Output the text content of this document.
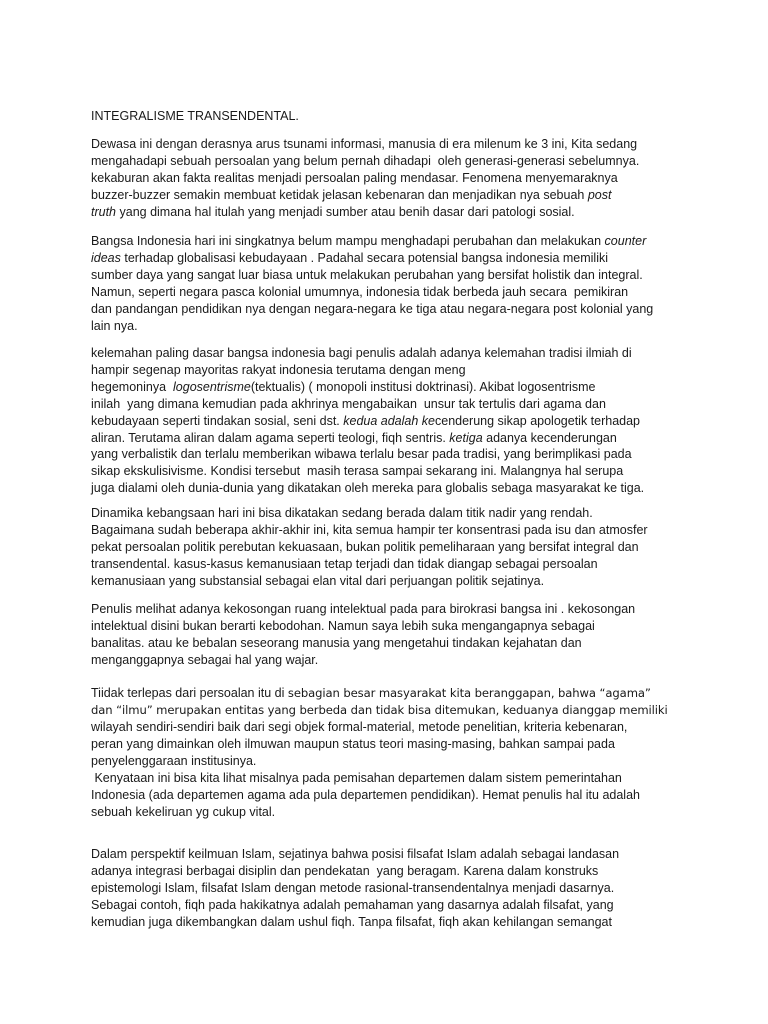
INTEGRALISME TRANSENDENTAL.
Dewasa ini dengan derasnya arus tsunami informasi, manusia di era milenum ke 3 ini, Kita sedang
mengahadapi sebuah persoalan yang belum pernah dihadapi  oleh generasi-generasi sebelumnya.
kekaburan akan fakta realitas menjadi persoalan paling mendasar. Fenomena menyemaraknya
buzzer-buzzer semakin membuat ketidak jelasan kebenaran dan menjadikan nya sebuah post
truth yang dimana hal itulah yang menjadi sumber atau benih dasar dari patologi sosial.
Bangsa Indonesia hari ini singkatnya belum mampu menghadapi perubahan dan melakukan counter
ideas terhadap globalisasi kebudayaan . Padahal secara potensial bangsa indonesia memiliki
sumber daya yang sangat luar biasa untuk melakukan perubahan yang bersifat holistik dan integral.
Namun, seperti negara pasca kolonial umumnya, indonesia tidak berbeda jauh secara  pemikiran
dan pandangan pendidikan nya dengan negara-negara ke tiga atau negara-negara post kolonial yang
lain nya.
kelemahan paling dasar bangsa indonesia bagi penulis adalah adanya kelemahan tradisi ilmiah di
hampir segenap mayoritas rakyat indonesia terutama dengan meng
hegemoninya  logosentrisme(tektualis) ( monopoli institusi doktrinasi). Akibat logosentrisme
inilah  yang dimana kemudian pada akhrinya mengabaikan  unsur tak tertulis dari agama dan
kebudayaan seperti tindakan sosial, seni dst. kedua adalah kecenderung sikap apologetik terhadap
aliran. Terutama aliran dalam agama seperti teologi, fiqh sentris. ketiga adanya kecenderungan
yang verbalistik dan terlalu memberikan wibawa terlalu besar pada tradisi, yang berimplikasi pada
sikap ekskulisivisme. Kondisi tersebut  masih terasa sampai sekarang ini. Malangnya hal serupa
juga dialami oleh dunia-dunia yang dikatakan oleh mereka para globalis sebaga masyarakat ke tiga.
Dinamika kebangsaan hari ini bisa dikatakan sedang berada dalam titik nadir yang rendah.
Bagaimana sudah beberapa akhir-akhir ini, kita semua hampir ter konsentrasi pada isu dan atmosfer
pekat persoalan politik perebutan kekuasaan, bukan politik pemeliharaan yang bersifat integral dan
transendental. kasus-kasus kemanusiaan tetap terjadi dan tidak diangap sebagai persoalan
kemanusiaan yang substansial sebagai elan vital dari perjuangan politik sejatinya.
Penulis melihat adanya kekosongan ruang intelektual pada para birokrasi bangsa ini . kekosongan
intelektual disini bukan berarti kebodohan. Namun saya lebih suka mengangapnya sebagai
banalitas. atau ke bebalan seseorang manusia yang mengetahui tindakan kejahatan dan
menganggapnya sebagai hal yang wajar.
Tiidak terlepas dari persoalan itu di sebagian besar masyarakat kita beranggapan, bahwa “agama”
dan “ilmu” merupakan entitas yang berbeda dan tidak bisa ditemukan, keduanya dianggap memiliki
wilayah sendiri-sendiri baik dari segi objek formal-material, metode penelitian, kriteria kebenaran,
peran yang dimainkan oleh ilmuwan maupun status teori masing-masing, bahkan sampai pada
penyelenggaraan institusinya.
Kenyataan ini bisa kita lihat misalnya pada pemisahan departemen dalam sistem pemerintahan
Indonesia (ada departemen agama ada pula departemen pendidikan). Hemat penulis hal itu adalah
sebuah kekeliruan yg cukup vital.
Dalam perspektif keilmuan Islam, sejatinya bahwa posisi filsafat Islam adalah sebagai landasan
adanya integrasi berbagai disiplin dan pendekatan  yang beragam. Karena dalam konstruks
epistemologi Islam, filsafat Islam dengan metode rasional-transendentalnya menjadi dasarnya.
Sebagai contoh, fiqh pada hakikatnya adalah pemahaman yang dasarnya adalah filsafat, yang
kemudian juga dikembangkan dalam ushul fiqh. Tanpa filsafat, fiqh akan kehilangan semangat
